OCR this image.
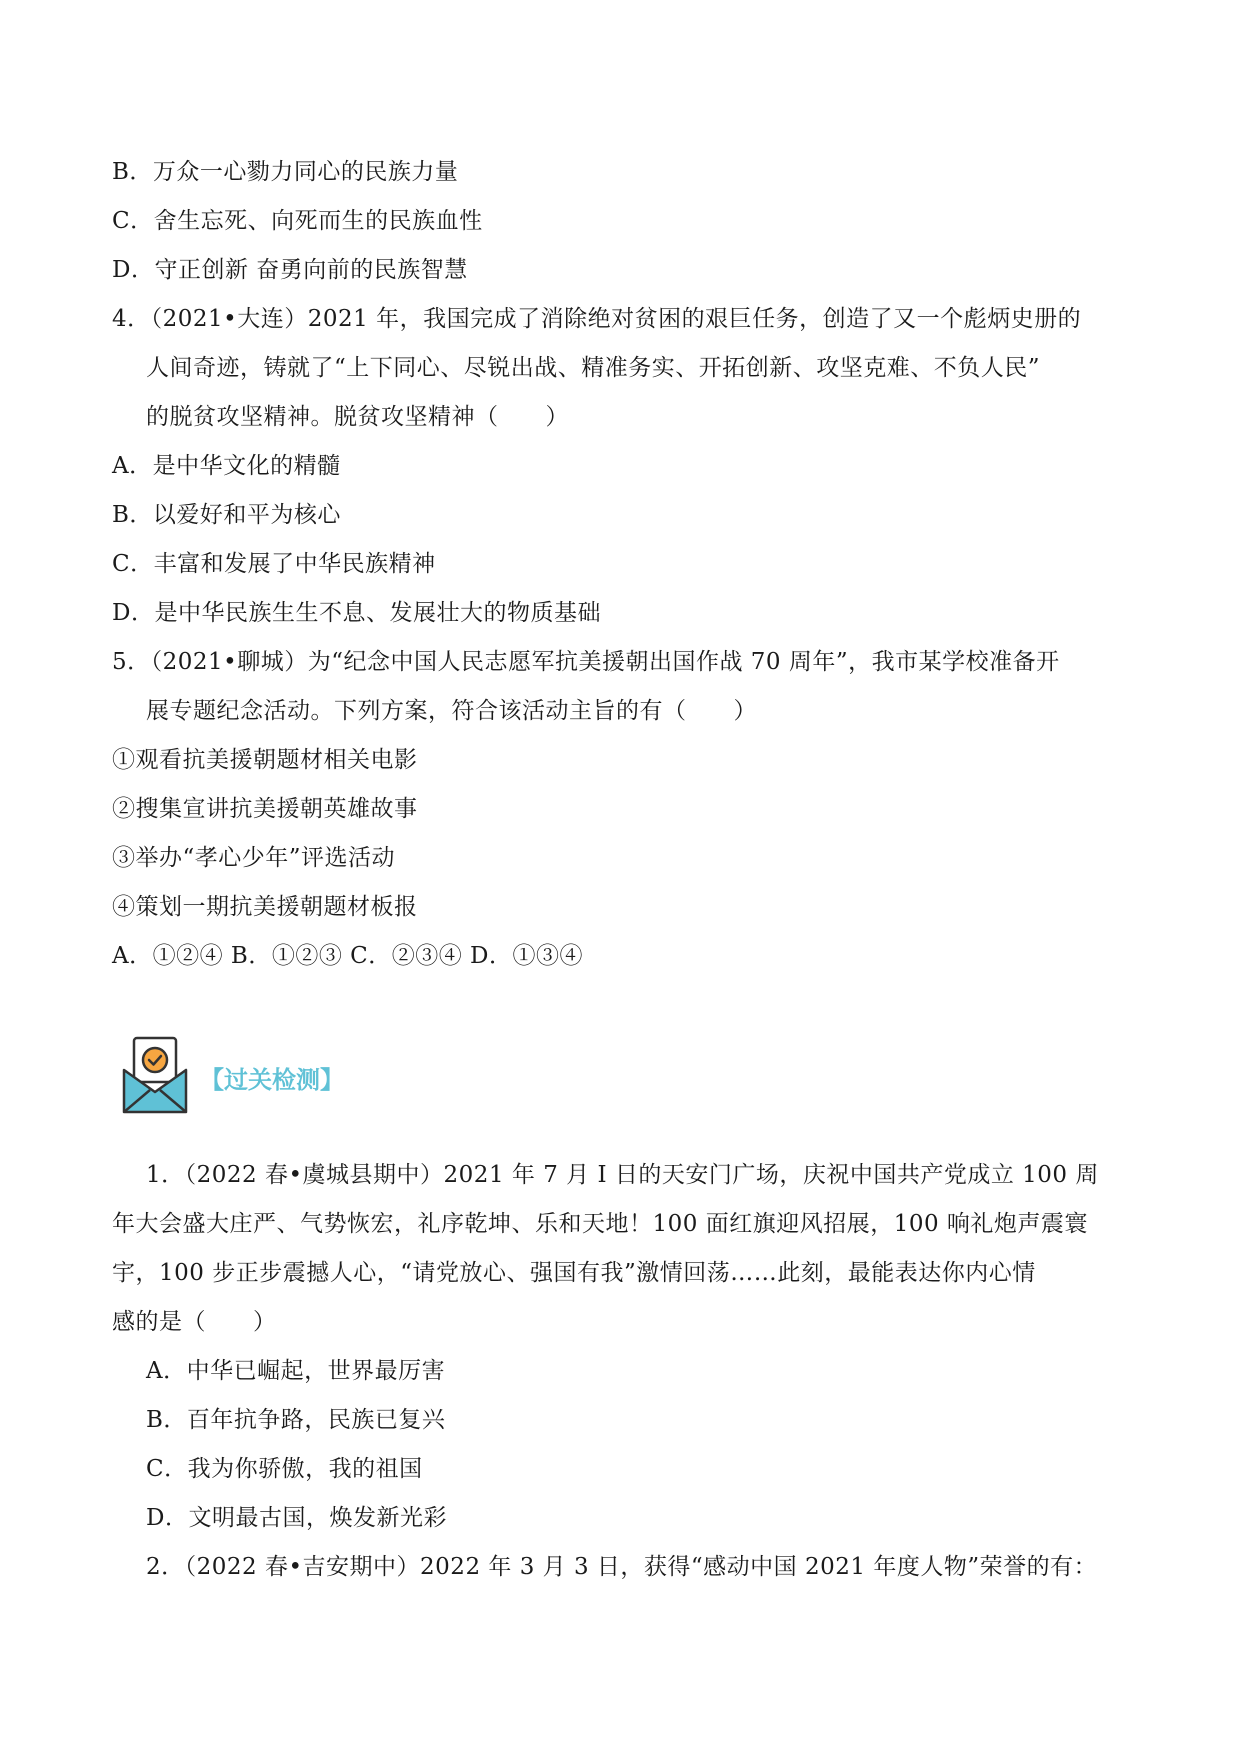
B．万众一心勠力同心的民族力量
C．舍生忘死、向死而生的民族血性
D．守正创新 奋勇向前的民族智慧
4．（2021•大连）2021 年，我国完成了消除绝对贫困的艰巨任务，创造了又一个彪炳史册的
人间奇迹，铸就了“上下同心、尽锐出战、精准务实、开拓创新、攻坚克难、不负人民”
的脱贫攻坚精神。脱贫攻坚精神（　　）
A．是中华文化的精髓
B．以爱好和平为核心
C．丰富和发展了中华民族精神
D．是中华民族生生不息、发展壮大的物质基础
5．（2021•聊城）为“纪念中国人民志愿军抗美援朝出国作战 70 周年”，我市某学校准备开
展专题纪念活动。下列方案，符合该活动主旨的有（　　）
①观看抗美援朝题材相关电影
②搜集宣讲抗美援朝英雄故事
③举办“孝心少年”评选活动
④策划一期抗美援朝题材板报
A．①②④ B．①②③ C．②③④ D．①③④
【过关检测】
1．（2022 春•虞城县期中）2021 年 7 月 I 日的天安门广场，庆祝中国共产党成立 100 周
年大会盛大庄严、气势恢宏，礼序乾坤、乐和天地！100 面红旗迎风招展，100 响礼炮声震寰
宇，100 步正步震撼人心，“请党放心、强国有我”激情回荡……此刻，最能表达你内心情
感的是（　　）
A．中华已崛起，世界最厉害
B．百年抗争路，民族已复兴
C．我为你骄傲，我的祖国
D．文明最古国，焕发新光彩
2．（2022 春•吉安期中）2022 年 3 月 3 日，获得“感动中国 2021 年度人物”荣誉的有：
